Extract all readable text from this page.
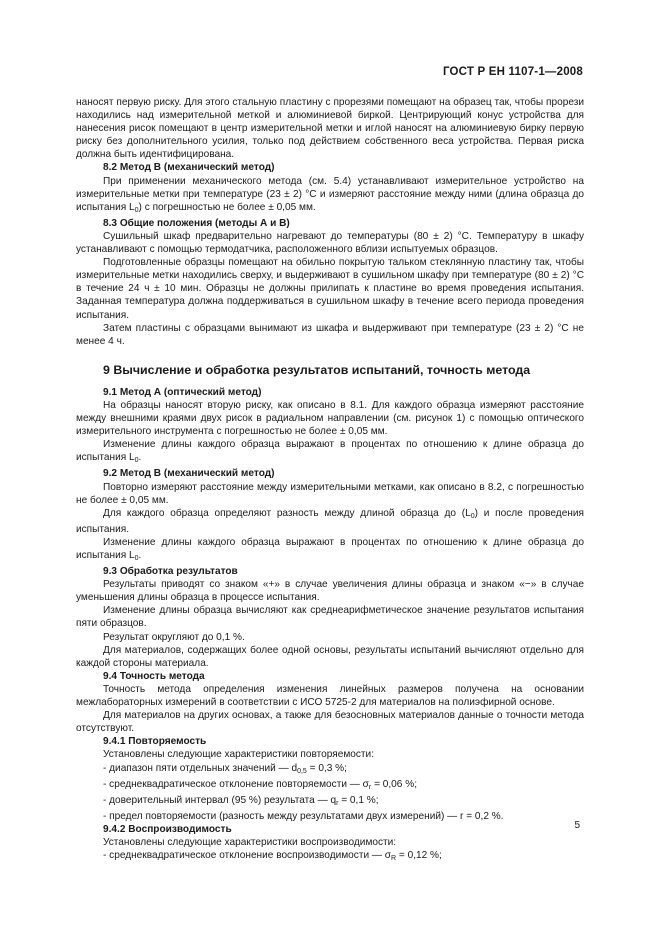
ГОСТ Р ЕН 1107-1—2008

наносят первую риску. Для этого стальную пластину с прорезями помещают на образец так, чтобы прорези находились над измерительной меткой и алюминиевой биркой. Центрирующий конус устройства для нанесения рисок помещают в центр измерительной метки и иглой наносят на алюминиевую бирку первую риску без дополнительного усилия, только под действием собственного веса устройства. Первая риска должна быть идентифицирована.

8.2 Метод В (механический метод)

При применении механического метода (см. 5.4) устанавливают измерительное устройство на измерительные метки при температуре (23 ± 2) °С и измеряют расстояние между ними (длина образца до испытания $L_0$) с погрешностью не более ± 0,05 мм.

8.3 Общие положения (методы А и В)

Сушильный шкаф предварительно нагревают до температуры (80 ± 2) °С. Температуру в шкафу устанавливают с помощью термодатчика, расположенного вблизи испытуемых образцов.

Подготовленные образцы помещают на обильно покрытую тальком стеклянную пластину так, чтобы измерительные метки находились сверху, и выдерживают в сушильном шкафу при температуре (80 ± 2) °С в течение 24 ч ± 10 мин. Образцы не должны прилипать к пластине во время проведения испытания. Заданная температура должна поддерживаться в сушильном шкафу в течение всего периода проведения испытания.

Затем пластины с образцами вынимают из шкафа и выдерживают при температуре (23 ± 2) °С не менее 4 ч.

9 Вычисление и обработка результатов испытаний, точность метода

9.1 Метод А (оптический метод)

На образцы наносят вторую риску, как описано в 8.1. Для каждого образца измеряют расстояние между внешними краями двух рисок в радиальном направлении (см. рисунок 1) с помощью оптического измерительного инструмента с погрешностью не более ± 0,05 мм.

Изменение длины каждого образца выражают в процентах по отношению к длине образца до испытания $L_0$.

9.2 Метод В (механический метод)

Повторно измеряют расстояние между измерительными метками, как описано в 8.2, с погрешностью не более ± 0,05 мм.

Для каждого образца определяют разность между длиной образца до $(L_0)$ и после проведения испытания.

Изменение длины каждого образца выражают в процентах по отношению к длине образца до испытания $L_0$.

9.3 Обработка результатов

Результаты приводят со знаком «+» в случае увеличения длины образца и знаком «−» в случае уменьшения длины образца в процессе испытания.

Изменение длины образца вычисляют как среднеарифметическое значение результатов испытания пяти образцов.

Результат округляют до 0,1 %.

Для материалов, содержащих более одной основы, результаты испытаний вычисляют отдельно для каждой стороны материала.

9.4 Точность метода

Точность метода определения изменения линейных размеров получена на основании межлабораторных измерений в соответствии с ИСО 5725-2 для материалов на полиэфирной основе.

Для материалов на других основах, а также для безосновных материалов данные о точности метода отсутствуют.

9.4.1 Повторяемость

Установлены следующие характеристики повторяемости:

- диапазон пяти отдельных значений — $d_{0,5} = 0,3$ %;

- среднеквадратическое отклонение повторяемости — $\sigma_r = 0,06$ %;

- доверительный интервал (95 %) результата — $q_r = 0,1$ %;

- предел повторяемости (разность между результатами двух измерений) — r = 0,2 %.

9.4.2 Воспроизводимость

Установлены следующие характеристики воспроизводимости:

- среднеквадратическое отклонение воспроизводимости — $\sigma_R = 0,12$ %;

5
